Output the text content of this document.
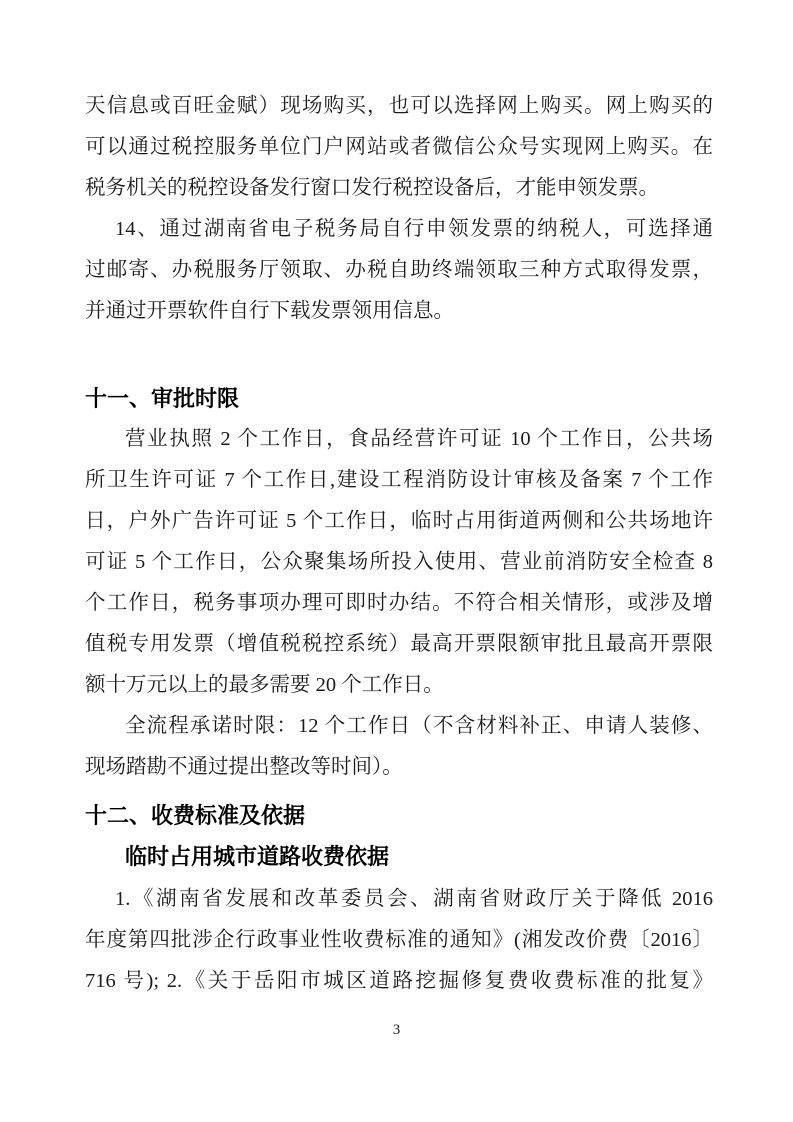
天信息或百旺金赋）现场购买，也可以选择网上购买。网上购买的
可以通过税控服务单位门户网站或者微信公众号实现网上购买。在
税务机关的税控设备发行窗口发行税控设备后，才能申领发票。
14、通过湖南省电子税务局自行申领发票的纳税人，可选择通
过邮寄、办税服务厅领取、办税自助终端领取三种方式取得发票，
并通过开票软件自行下载发票领用信息。
十一、审批时限
营业执照 2 个工作日，食品经营许可证 10 个工作日，公共场
所卫生许可证 7 个工作日,建设工程消防设计审核及备案 7 个工作
日，户外广告许可证 5 个工作日，临时占用街道两侧和公共场地许
可证 5 个工作日，公众聚集场所投入使用、营业前消防安全检查 8
个工作日，税务事项办理可即时办结。不符合相关情形，或涉及增
值税专用发票（增值税税控系统）最高开票限额审批且最高开票限
额十万元以上的最多需要 20 个工作日。
全流程承诺时限：12 个工作日（不含材料补正、申请人装修、
现场踏勘不通过提出整改等时间）。
十二、收费标准及依据
临时占用城市道路收费依据
1.《湖南省发展和改革委员会、湖南省财政厅关于降低 2016
年度第四批涉企行政事业性收费标准的通知》(湘发改价费〔2016〕
716 号); 2.《关于岳阳市城区道路挖掘修复费收费标准的批复》
3
